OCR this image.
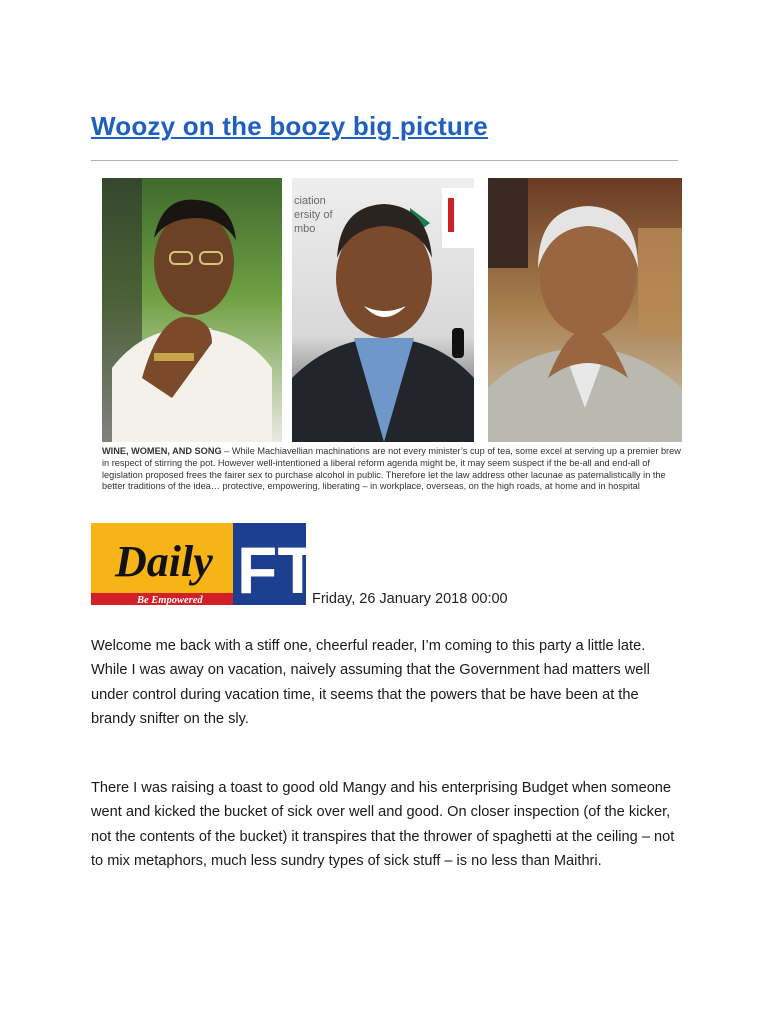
Woozy on the boozy big picture
mbo
ersity of
ciation
WINE, WOMEN, AND SONG – While Machiavellian machinations are not every minister’s cup of tea, some excel at serving up a premier brew in respect of stirring the pot. However well-intentioned a liberal reform agenda might be, it may seem suspect if the be-all and end-all of legislation proposed frees the fairer sex to purchase alcohol in public. Therefore let the law address other lacunae as paternalistically in the better traditions of the idea… protective, empowering, liberating – in workplace, overseas, on the high roads, at home and in hospital
Daily FT
Be Empowered	Friday, 26 January 2018 00:00

Welcome me back with a stiff one, cheerful reader, I’m coming to this party a little late. While I was away on vacation, naively assuming that the Government had matters well under control during vacation time, it seems that the powers that be have been at the brandy snifter on the sly.

There I was raising a toast to good old Mangy and his enterprising Budget when someone went and kicked the bucket of sick over well and good. On closer inspection (of the kicker, not the contents of the bucket) it transpires that the thrower of spaghetti at the ceiling – not to mix metaphors, much less sundry types of sick stuff – is no less than Maithri.
